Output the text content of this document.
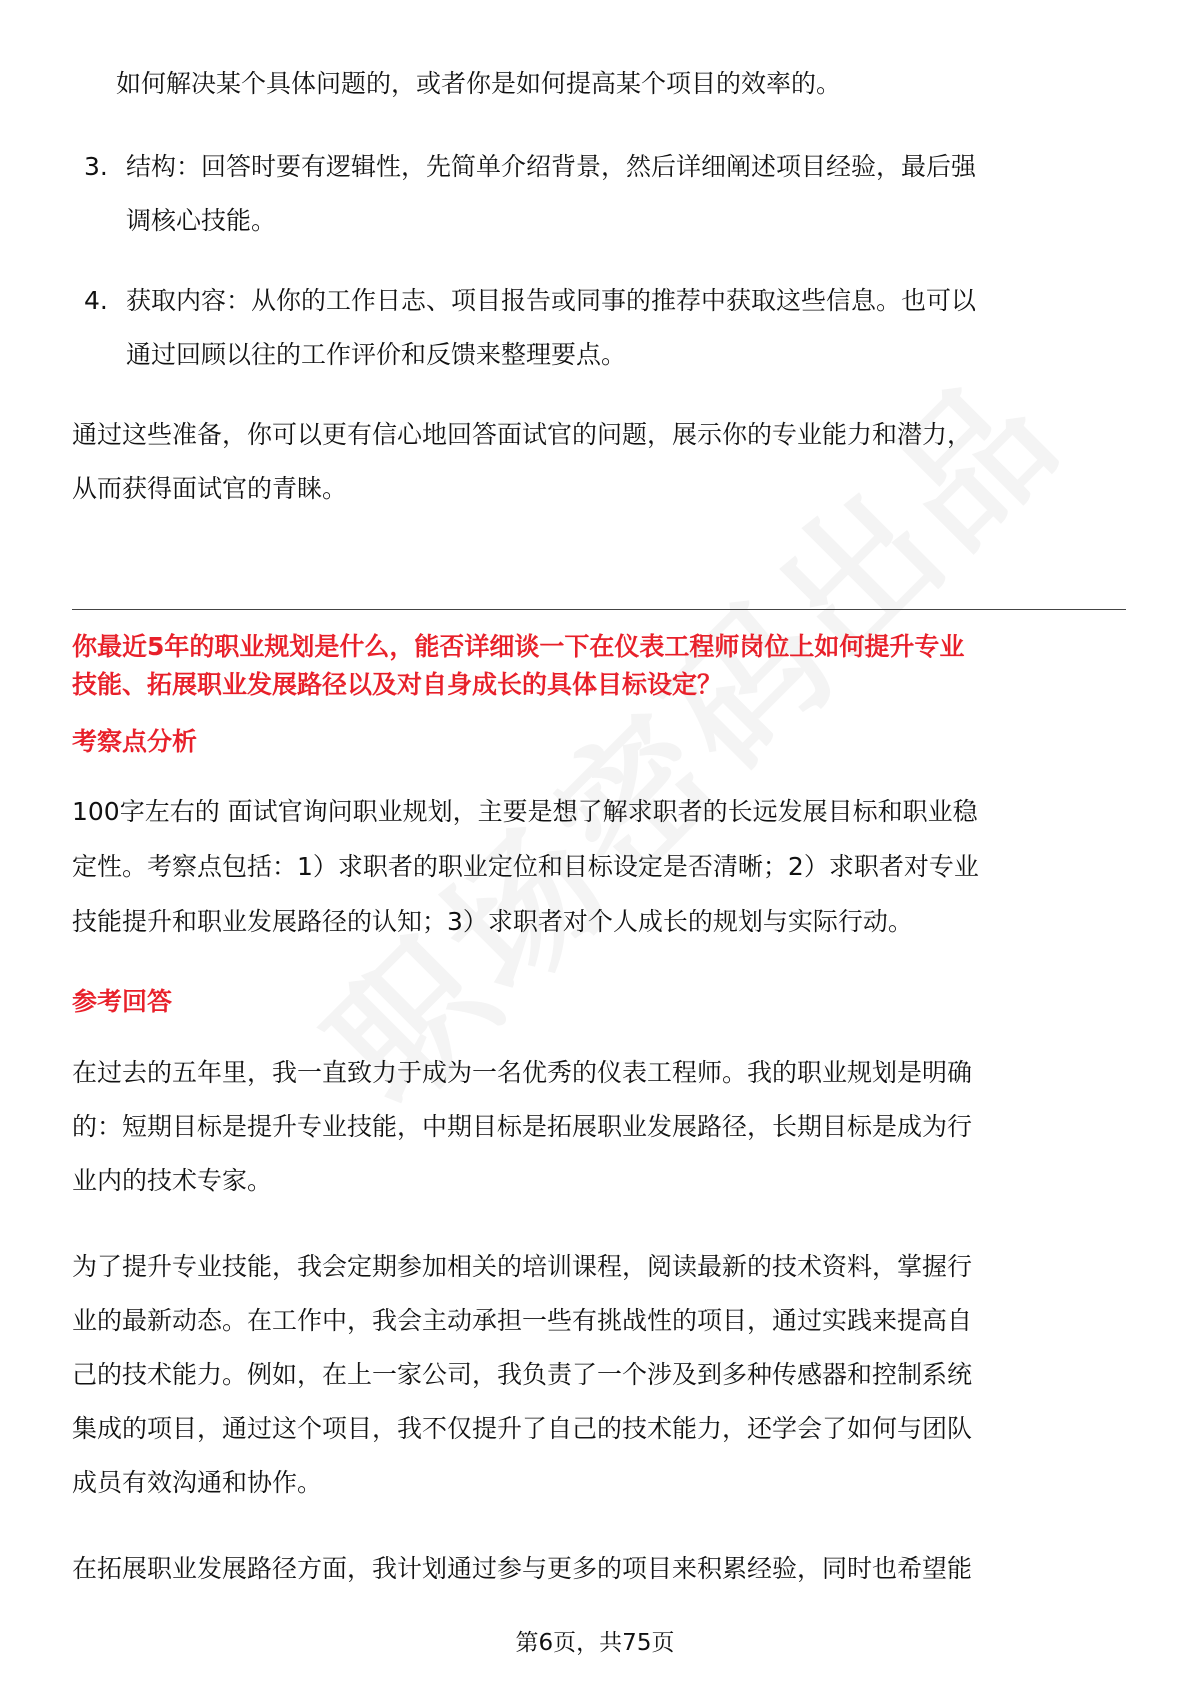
如何解决某个具体问题的，或者你是如何提高某个项目的效率的。

3. 结构：回答时要有逻辑性，先简单介绍背景，然后详细阐述项目经验，最后强

调核心技能。

4. 获取内容：从你的工作日志、项目报告或同事的推荐中获取这些信息。也可以

通过回顾以往的工作评价和反馈来整理要点。

通过这些准备，你可以更有信心地回答面试官的问题，展示你的专业能力和潜力，

从而获得面试官的青睐。

你最近5年的职业规划是什么，能否详细谈一下在仪表工程师岗位上如何提升专业

技能、拓展职业发展路径以及对自身成长的具体目标设定？

考察点分析

100字左右的 面试官询问职业规划，主要是想了解求职者的长远发展目标和职业稳

定性。考察点包括：1）求职者的职业定位和目标设定是否清晰；2）求职者对专业

技能提升和职业发展路径的认知；3）求职者对个人成长的规划与实际行动。

参考回答

在过去的五年里，我一直致力于成为一名优秀的仪表工程师。我的职业规划是明确

的：短期目标是提升专业技能，中期目标是拓展职业发展路径，长期目标是成为行

业内的技术专家。

为了提升专业技能，我会定期参加相关的培训课程，阅读最新的技术资料，掌握行

业的最新动态。在工作中，我会主动承担一些有挑战性的项目，通过实践来提高自

己的技术能力。例如，在上一家公司，我负责了一个涉及到多种传感器和控制系统

集成的项目，通过这个项目，我不仅提升了自己的技术能力，还学会了如何与团队

成员有效沟通和协作。

在拓展职业发展路径方面，我计划通过参与更多的项目来积累经验，同时也希望能

第6页，共75页
